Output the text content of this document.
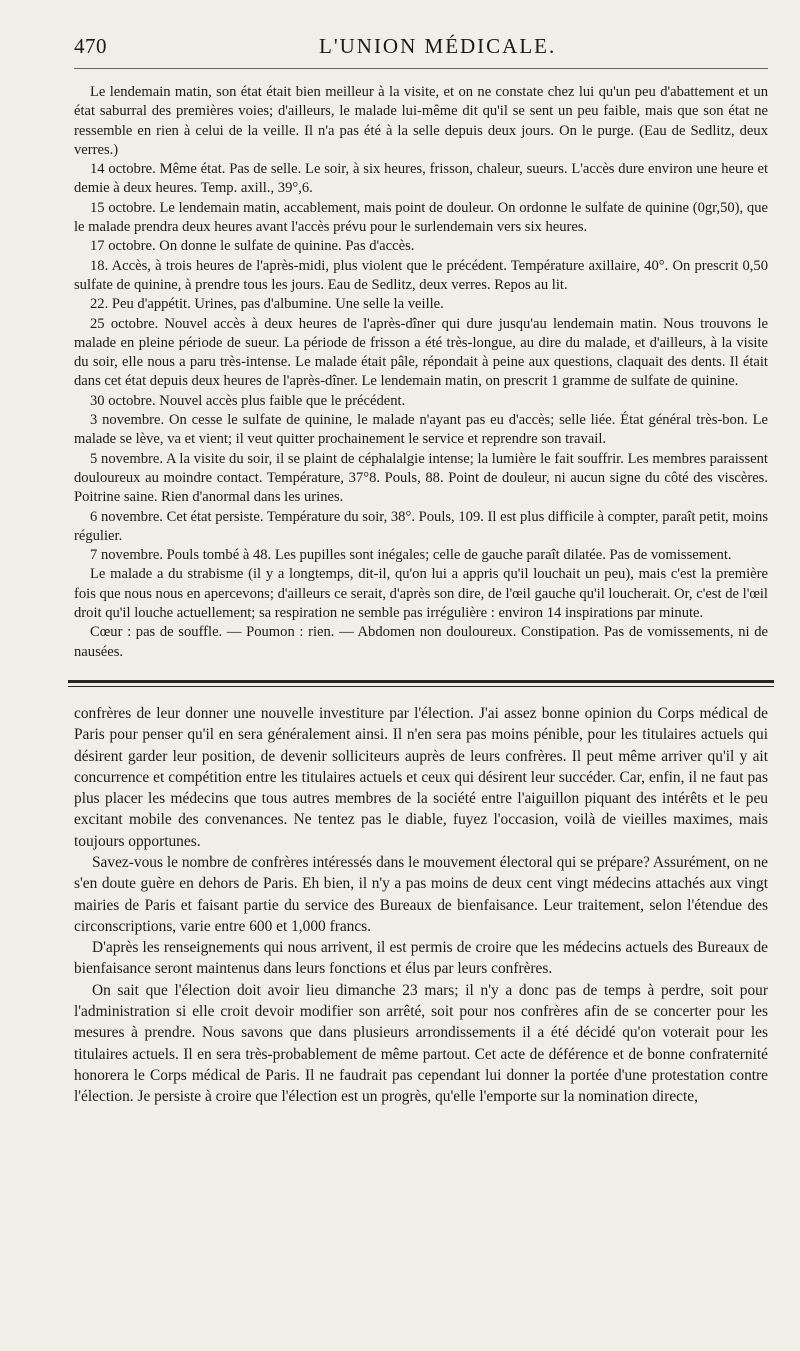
470	L'UNION MÉDICALE.

Le lendemain matin, son état était bien meilleur à la visite, et on ne constate chez lui qu'un peu d'abattement et un état saburral des premières voies; d'ailleurs, le malade lui-même dit qu'il se sent un peu faible, mais que son état ne ressemble en rien à celui de la veille. Il n'a pas été à la selle depuis deux jours. On le purge. (Eau de Sedlitz, deux verres.)

14 octobre. Même état. Pas de selle. Le soir, à six heures, frisson, chaleur, sueurs. L'accès dure environ une heure et demie à deux heures. Temp. axill., 39°,6.

15 octobre. Le lendemain matin, accablement, mais point de douleur. On ordonne le sulfate de quinine (0gr,50), que le malade prendra deux heures avant l'accès prévu pour le surlendemain vers six heures.

17 octobre. On donne le sulfate de quinine. Pas d'accès.

18. Accès, à trois heures de l'après-midi, plus violent que le précédent. Température axillaire, 40°. On prescrit 0,50 sulfate de quinine, à prendre tous les jours. Eau de Sedlitz, deux verres. Repos au lit.

22. Peu d'appétit. Urines, pas d'albumine. Une selle la veille.

25 octobre. Nouvel accès à deux heures de l'après-dîner qui dure jusqu'au lendemain matin. Nous trouvons le malade en pleine période de sueur. La période de frisson a été très-longue, au dire du malade, et d'ailleurs, à la visite du soir, elle nous a paru très-intense. Le malade était pâle, répondait à peine aux questions, claquait des dents. Il était dans cet état depuis deux heures de l'après-dîner. Le lendemain matin, on prescrit 1 gramme de sulfate de quinine.

30 octobre. Nouvel accès plus faible que le précédent.

3 novembre. On cesse le sulfate de quinine, le malade n'ayant pas eu d'accès; selle liée. État général très-bon. Le malade se lève, va et vient; il veut quitter prochainement le service et reprendre son travail.

5 novembre. A la visite du soir, il se plaint de céphalalgie intense; la lumière le fait souffrir. Les membres paraissent douloureux au moindre contact. Température, 37°8. Pouls, 88. Point de douleur, ni aucun signe du côté des viscères. Poitrine saine. Rien d'anormal dans les urines.

6 novembre. Cet état persiste. Température du soir, 38°. Pouls, 109. Il est plus difficile à compter, paraît petit, moins régulier.

7 novembre. Pouls tombé à 48. Les pupilles sont inégales; celle de gauche paraît dilatée. Pas de vomissement.

Le malade a du strabisme (il y a longtemps, dit-il, qu'on lui a appris qu'il louchait un peu), mais c'est la première fois que nous nous en apercevons; d'ailleurs ce serait, d'après son dire, de l'œil gauche qu'il loucherait. Or, c'est de l'œil droit qu'il louche actuellement; sa respiration ne semble pas irrégulière : environ 14 inspirations par minute.

Cœur : pas de souffle. — Poumon : rien. — Abdomen non douloureux. Constipation. Pas de vomissements, ni de nausées.

confrères de leur donner une nouvelle investiture par l'élection. J'ai assez bonne opinion du Corps médical de Paris pour penser qu'il en sera généralement ainsi. Il n'en sera pas moins pénible, pour les titulaires actuels qui désirent garder leur position, de devenir solliciteurs auprès de leurs confrères. Il peut même arriver qu'il y ait concurrence et compétition entre les titulaires actuels et ceux qui désirent leur succéder. Car, enfin, il ne faut pas plus placer les médecins que tous autres membres de la société entre l'aiguillon piquant des intérêts et le peu excitant mobile des convenances. Ne tentez pas le diable, fuyez l'occasion, voilà de vieilles maximes, mais toujours opportunes.

Savez-vous le nombre de confrères intéressés dans le mouvement électoral qui se prépare? Assurément, on ne s'en doute guère en dehors de Paris. Eh bien, il n'y a pas moins de deux cent vingt médecins attachés aux vingt mairies de Paris et faisant partie du service des Bureaux de bienfaisance. Leur traitement, selon l'étendue des circonscriptions, varie entre 600 et 1,000 francs.

D'après les renseignements qui nous arrivent, il est permis de croire que les médecins actuels des Bureaux de bienfaisance seront maintenus dans leurs fonctions et élus par leurs confrères.

On sait que l'élection doit avoir lieu dimanche 23 mars; il n'y a donc pas de temps à perdre, soit pour l'administration si elle croit devoir modifier son arrêté, soit pour nos confrères afin de se concerter pour les mesures à prendre. Nous savons que dans plusieurs arrondissements il a été décidé qu'on voterait pour les titulaires actuels. Il en sera très-probablement de même partout. Cet acte de déférence et de bonne confraternité honorera le Corps médical de Paris. Il ne faudrait pas cependant lui donner la portée d'une protestation contre l'élection. Je persiste à croire que l'élection est un progrès, qu'elle l'emporte sur la nomination directe,
